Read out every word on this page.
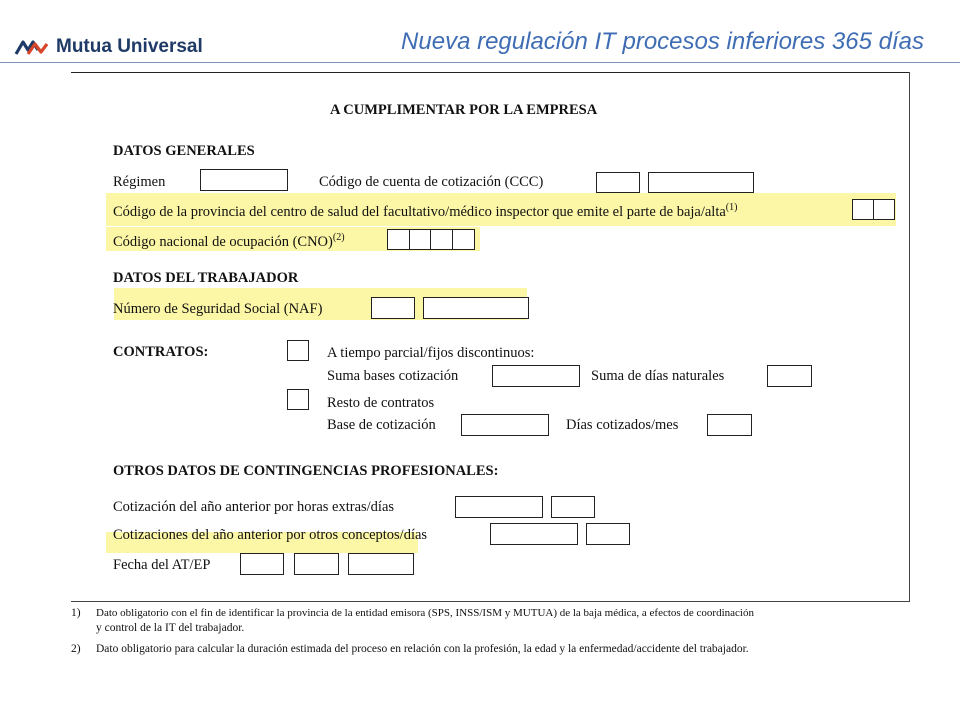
Mutua Universal	Nueva regulación IT procesos inferiores 365 días
A CUMPLIMENTAR POR LA EMPRESA
DATOS GENERALES
Régimen	Código de cuenta de cotización (CCC)
Código de la provincia del centro de salud del facultativo/médico inspector que emite el parte de baja/alta$^{(1)}$
Código nacional de ocupación (CNO)$^{(2)}$
DATOS DEL TRABAJADOR
Número de Seguridad Social (NAF)
CONTRATOS:	A tiempo parcial/fijos discontinuos:
Suma bases cotización	Suma de días naturales
Resto de contratos
Base de cotización	Días cotizados/mes
OTROS DATOS DE CONTINGENCIAS PROFESIONALES:
Cotización del año anterior por horas extras/días
Cotizaciones del año anterior por otros conceptos/días
Fecha del AT/EP
1) Dato obligatorio con el fin de identificar la provincia de la entidad emisora (SPS, INSS/ISM y MUTUA) de la baja médica, a efectos de coordinación
y control de la IT del trabajador.
2) Dato obligatorio para calcular la duración estimada del proceso en relación con la profesión, la edad y la enfermedad/accidente del trabajador.
